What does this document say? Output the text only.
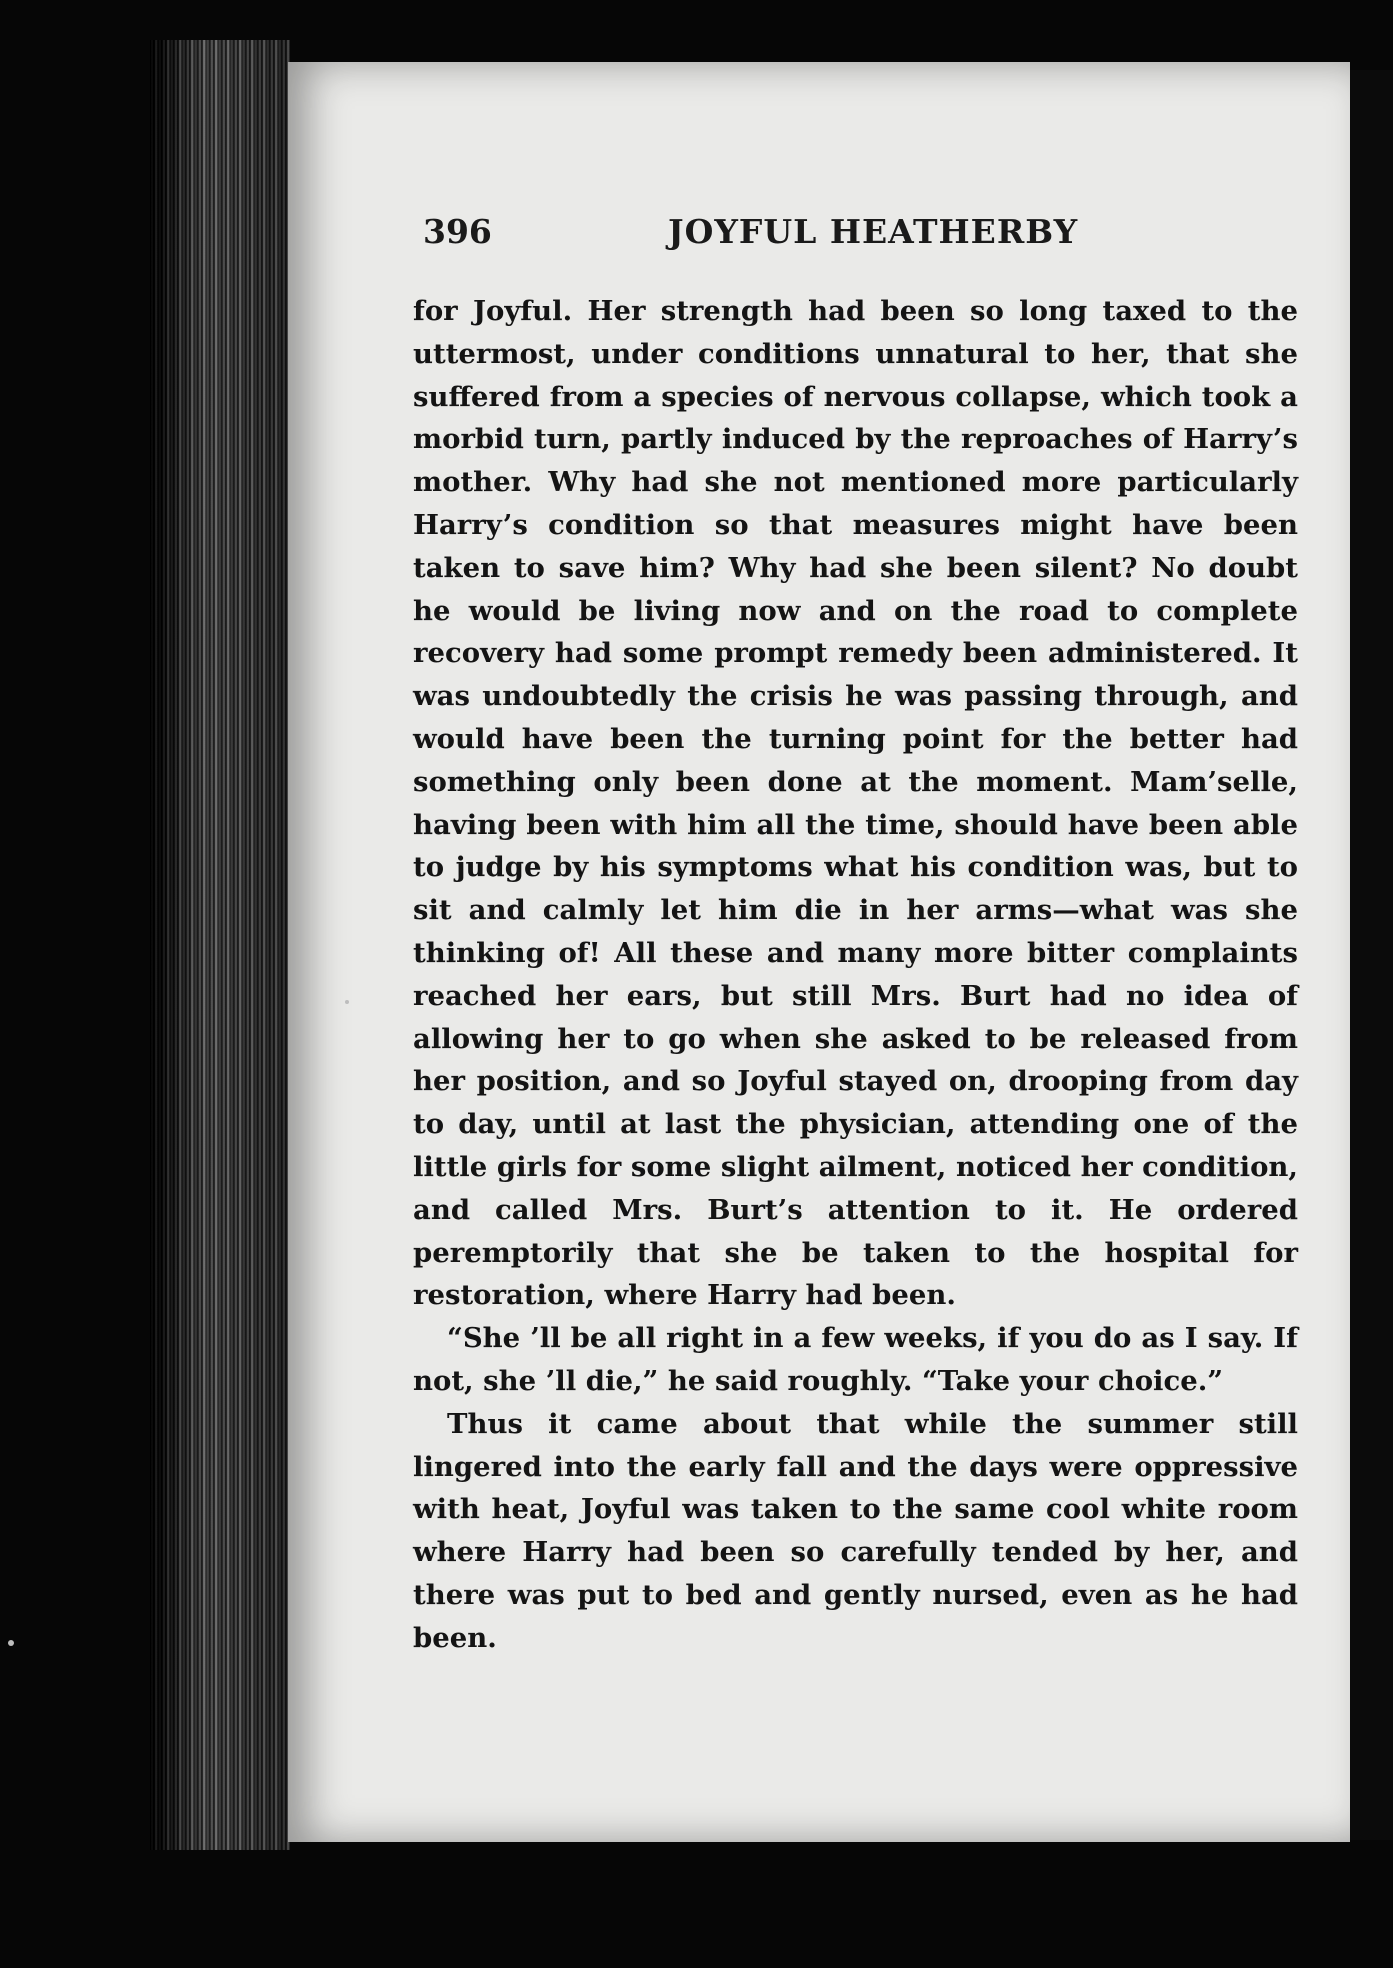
396	JOYFUL HEATHERBY

for Joyful. Her strength had been so long taxed to the uttermost, under conditions unnatural to her, that she suffered from a species of nervous collapse, which took a morbid turn, partly induced by the reproaches of Harry’s mother. Why had she not mentioned more particularly Harry’s condition so that measures might have been taken to save him? Why had she been silent? No doubt he would be living now and on the road to complete recovery had some prompt remedy been administered. It was undoubtedly the crisis he was passing through, and would have been the turning point for the better had something only been done at the moment. Mam’selle, having been with him all the time, should have been able to judge by his symptoms what his condition was, but to sit and calmly let him die in her arms—what was she thinking of! All these and many more bitter complaints reached her ears, but still Mrs. Burt had no idea of allowing her to go when she asked to be released from her position, and so Joyful stayed on, drooping from day to day, until at last the physician, attending one of the little girls for some slight ailment, noticed her condition, and called Mrs. Burt’s attention to it. He ordered peremptorily that she be taken to the hospital for restoration, where Harry had been.

“She ’ll be all right in a few weeks, if you do as I say. If not, she ’ll die,” he said roughly. “Take your choice.”

Thus it came about that while the summer still lingered into the early fall and the days were oppressive with heat, Joyful was taken to the same cool white room where Harry had been so carefully tended by her, and there was put to bed and gently nursed, even as he had been.
